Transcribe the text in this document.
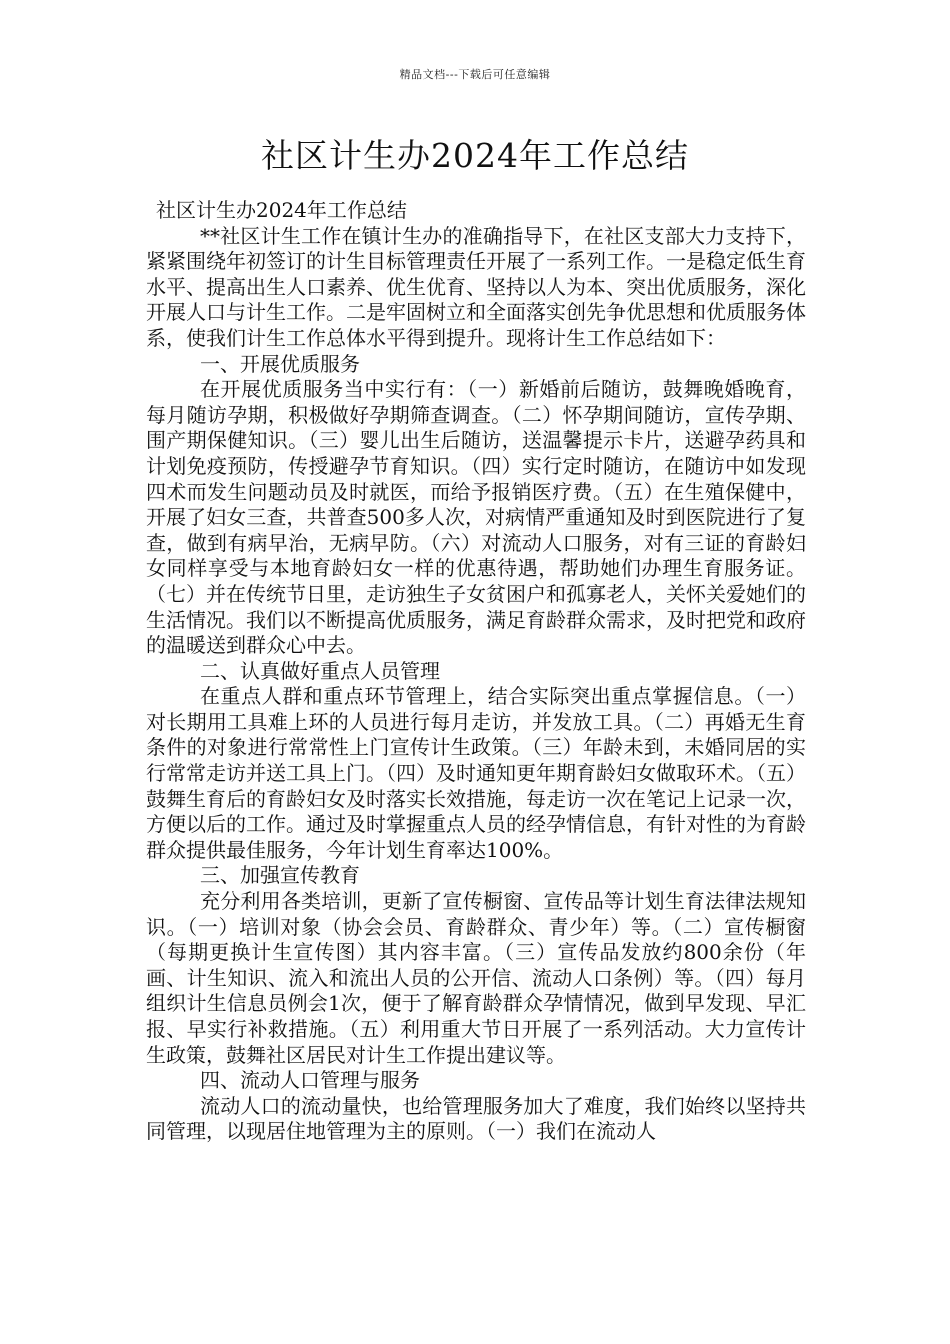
精品文档---下载后可任意编辑
社区计生办2024年工作总结

社区计生办2024年工作总结

**社区计生工作在镇计生办的准确指导下，在社区支部大力支持下，紧紧围绕年初签订的计生目标管理责任开展了一系列工作。一是稳定低生育水平、提高出生人口素养、优生优育、坚持以人为本、突出优质服务，深化开展人口与计生工作。二是牢固树立和全面落实创先争优思想和优质服务体系，使我们计生工作总体水平得到提升。现将计生工作总结如下：

一、开展优质服务

在开展优质服务当中实行有：（一）新婚前后随访，鼓舞晚婚晚育，每月随访孕期，积极做好孕期筛查调查。（二）怀孕期间随访，宣传孕期、围产期保健知识。（三）婴儿出生后随访，送温馨提示卡片，送避孕药具和计划免疫预防，传授避孕节育知识。（四）实行定时随访，在随访中如发现四术而发生问题动员及时就医，而给予报销医疗费。（五）在生殖保健中，开展了妇女三查，共普查500多人次，对病情严重通知及时到医院进行了复查，做到有病早治，无病早防。（六）对流动人口服务，对有三证的育龄妇女同样享受与本地育龄妇女一样的优惠待遇，帮助她们办理生育服务证。（七）并在传统节日里，走访独生子女贫困户和孤寡老人，关怀关爱她们的生活情况。我们以不断提高优质服务，满足育龄群众需求，及时把党和政府的温暖送到群众心中去。

二、认真做好重点人员管理

在重点人群和重点环节管理上，结合实际突出重点掌握信息。（一）对长期用工具难上环的人员进行每月走访，并发放工具。（二）再婚无生育条件的对象进行常常性上门宣传计生政策。（三）年龄未到，未婚同居的实行常常走访并送工具上门。（四）及时通知更年期育龄妇女做取环术。（五）鼓舞生育后的育龄妇女及时落实长效措施，每走访一次在笔记上记录一次，方便以后的工作。通过及时掌握重点人员的经孕情信息，有针对性的为育龄群众提供最佳服务，今年计划生育率达100%。

三、加强宣传教育

充分利用各类培训，更新了宣传橱窗、宣传品等计划生育法律法规知识。（一）培训对象（协会会员、育龄群众、青少年）等。（二）宣传橱窗（每期更换计生宣传图）其内容丰富。（三）宣传品发放约800余份（年画、计生知识、流入和流出人员的公开信、流动人口条例）等。（四）每月组织计生信息员例会1次，便于了解育龄群众孕情情况，做到早发现、早汇报、早实行补救措施。（五）利用重大节日开展了一系列活动。大力宣传计生政策，鼓舞社区居民对计生工作提出建议等。

四、流动人口管理与服务

流动人口的流动量快，也给管理服务加大了难度，我们始终以坚持共同管理，以现居住地管理为主的原则。（一）我们在流动人
